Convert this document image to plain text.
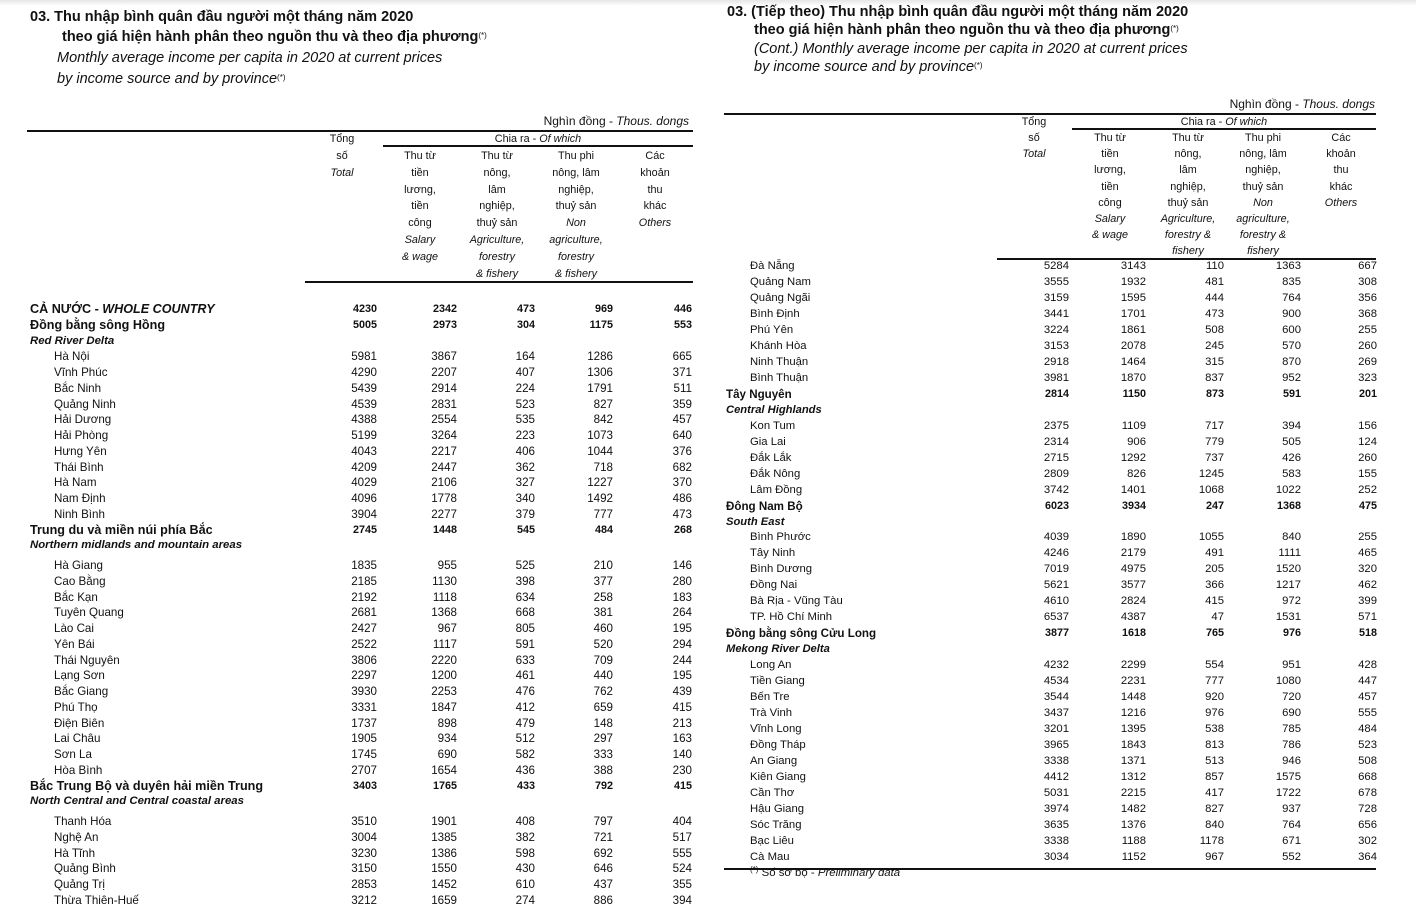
03. Thu nhập bình quân đầu người một tháng năm 2020
theo giá hiện hành phân theo nguồn thu và theo địa phương(*)
Monthly average income per capita in 2020 at current prices
by income source and by province(*)
Nghìn đồng - Thous. dongs
Tổng
số
Total
Chia ra - Of which
Thu từ
tiền
lương,
tiền
công
Salary
& wage
Thu từ
nông,
lâm
nghiệp,
thuỷ sản
Agriculture,
forestry
& fishery
Thu phi
nông, lâm
nghiệp,
thuỷ sản
Non
agriculture,
forestry
& fishery
Các
khoản
thu
khác
Others
CẢ NƯỚC - WHOLE COUNTRY	4230	2342	473	969	446
Đồng bằng sông Hồng	5005	2973	304	1175	553
Red River Delta
Hà Nội	5981	3867	164	1286	665
Vĩnh Phúc	4290	2207	407	1306	371
Bắc Ninh	5439	2914	224	1791	511
Quảng Ninh	4539	2831	523	827	359
Hải Dương	4388	2554	535	842	457
Hải Phòng	5199	3264	223	1073	640
Hưng Yên	4043	2217	406	1044	376
Thái Bình	4209	2447	362	718	682
Hà Nam	4029	2106	327	1227	370
Nam Định	4096	1778	340	1492	486
Ninh Bình	3904	2277	379	777	473
Trung du và miền núi phía Bắc	2745	1448	545	484	268
Northern midlands and mountain areas
Hà Giang	1835	955	525	210	146
Cao Bằng	2185	1130	398	377	280
Bắc Kạn	2192	1118	634	258	183
Tuyên Quang	2681	1368	668	381	264
Lào Cai	2427	967	805	460	195
Yên Bái	2522	1117	591	520	294
Thái Nguyên	3806	2220	633	709	244
Lạng Sơn	2297	1200	461	440	195
Bắc Giang	3930	2253	476	762	439
Phú Thọ	3331	1847	412	659	415
Điện Biên	1737	898	479	148	213
Lai Châu	1905	934	512	297	163
Sơn La	1745	690	582	333	140
Hòa Bình	2707	1654	436	388	230
Bắc Trung Bộ và duyên hải miền Trung	3403	1765	433	792	415
North Central and Central coastal areas
Thanh Hóa	3510	1901	408	797	404
Nghệ An	3004	1385	382	721	517
Hà Tĩnh	3230	1386	598	692	555
Quảng Bình	3150	1550	430	646	524
Quảng Trị	2853	1452	610	437	355
Thừa Thiên-Huế	3212	1659	274	886	394
03. (Tiếp theo) Thu nhập bình quân đầu người một tháng năm 2020
theo giá hiện hành phân theo nguồn thu và theo địa phương(*)
(Cont.) Monthly average income per capita in 2020 at current prices
by income source and by province(*)
Nghìn đồng - Thous. dongs
Tổng
số
Total
Chia ra - Of which
Thu từ
tiền
lương,
tiền
công
Salary
& wage
Thu từ
nông,
lâm
nghiệp,
thuỷ sản
Agriculture,
forestry &
fishery
Thu phi
nông, lâm
nghiệp,
thuỷ sản
Non
agriculture,
forestry &
fishery
Các
khoản
thu
khác
Others
Đà Nẵng	5284	3143	110	1363	667
Quảng Nam	3555	1932	481	835	308
Quảng Ngãi	3159	1595	444	764	356
Bình Định	3441	1701	473	900	368
Phú Yên	3224	1861	508	600	255
Khánh Hòa	3153	2078	245	570	260
Ninh Thuận	2918	1464	315	870	269
Bình Thuận	3981	1870	837	952	323
Tây Nguyên	2814	1150	873	591	201
Central Highlands
Kon Tum	2375	1109	717	394	156
Gia Lai	2314	906	779	505	124
Đắk Lắk	2715	1292	737	426	260
Đắk Nông	2809	826	1245	583	155
Lâm Đồng	3742	1401	1068	1022	252
Đông Nam Bộ	6023	3934	247	1368	475
South East
Bình Phước	4039	1890	1055	840	255
Tây Ninh	4246	2179	491	1111	465
Bình Dương	7019	4975	205	1520	320
Đồng Nai	5621	3577	366	1217	462
Bà Rịa - Vũng Tàu	4610	2824	415	972	399
TP. Hồ Chí Minh	6537	4387	47	1531	571
Đồng bằng sông Cửu Long	3877	1618	765	976	518
Mekong River Delta
Long An	4232	2299	554	951	428
Tiền Giang	4534	2231	777	1080	447
Bến Tre	3544	1448	920	720	457
Trà Vinh	3437	1216	976	690	555
Vĩnh Long	3201	1395	538	785	484
Đồng Tháp	3965	1843	813	786	523
An Giang	3338	1371	513	946	508
Kiên Giang	4412	1312	857	1575	668
Cần Thơ	5031	2215	417	1722	678
Hậu Giang	3974	1482	827	937	728
Sóc Trăng	3635	1376	840	764	656
Bạc Liêu	3338	1188	1178	671	302
Cà Mau	3034	1152	967	552	364
(*) Số sơ bộ - Preliminary data
